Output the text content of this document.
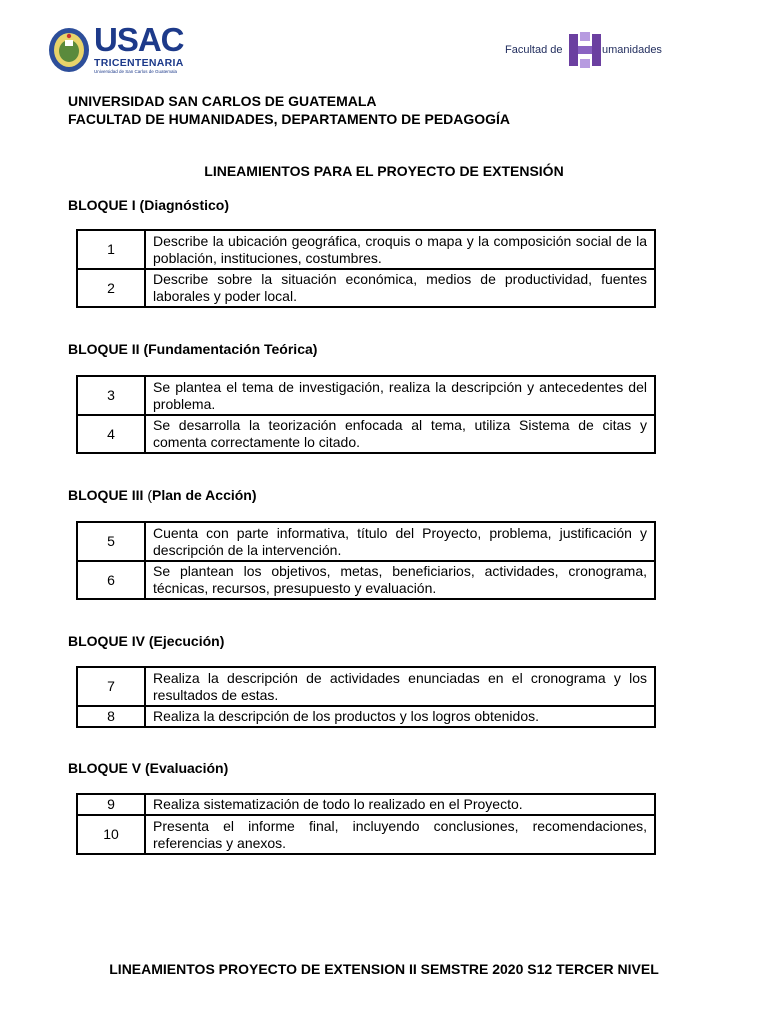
USAC
TRICENTENARIA
Universidad de San Carlos de Guatemala
Facultad de	umanidades
UNIVERSIDAD SAN CARLOS DE GUATEMALA
FACULTAD DE HUMANIDADES, DEPARTAMENTO DE PEDAGOGÍA
LINEAMIENTOS PARA EL PROYECTO DE EXTENSIÓN
BLOQUE I (Diagnóstico)
1	Describe la ubicación geográfica, croquis o mapa y la composición social de la población, instituciones, costumbres.
2	Describe sobre la situación económica, medios de productividad, fuentes laborales y poder local.
BLOQUE II (Fundamentación Teórica)
3	Se plantea el tema de investigación, realiza la descripción y antecedentes del problema.
4	Se desarrolla la teorización enfocada al tema, utiliza Sistema de citas y comenta correctamente lo citado.
BLOQUE III (Plan de Acción)
5	Cuenta con parte informativa, título del Proyecto, problema, justificación y descripción de la intervención.
6	Se plantean los objetivos, metas, beneficiarios, actividades, cronograma, técnicas, recursos, presupuesto y evaluación.
BLOQUE IV (Ejecución)
7	Realiza la descripción de actividades enunciadas en el cronograma y los resultados de estas.
8	Realiza la descripción de los productos y los logros obtenidos.
BLOQUE V (Evaluación)
9	Realiza sistematización de todo lo realizado en el Proyecto.
10	Presenta el informe final, incluyendo conclusiones, recomendaciones, referencias y anexos.
LINEAMIENTOS PROYECTO DE EXTENSION II SEMSTRE 2020 S12 TERCER NIVEL
